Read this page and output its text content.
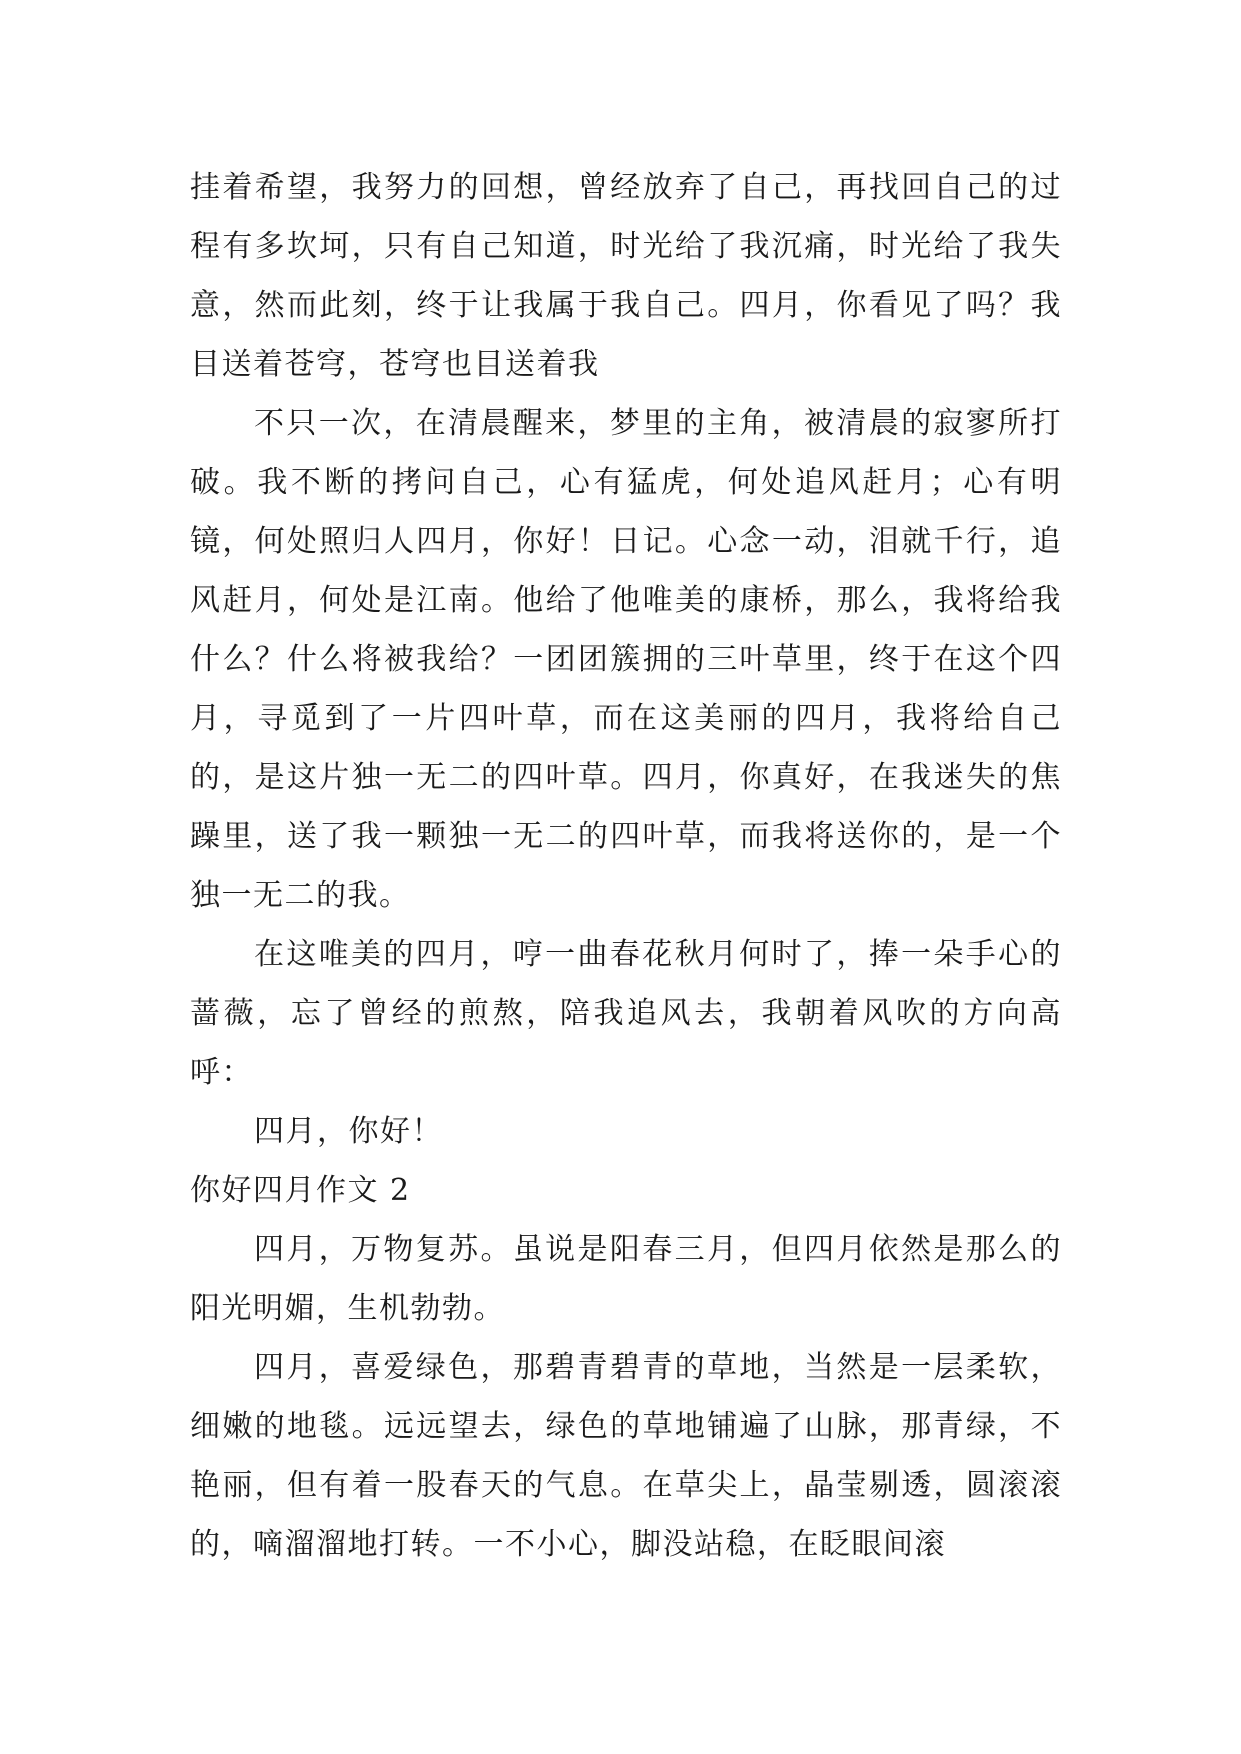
挂着希望，我努力的回想，曾经放弃了自己，再找回自己的过程有多坎坷，只有自己知道，时光给了我沉痛，时光给了我失意，然而此刻，终于让我属于我自己。四月，你看见了吗？我目送着苍穹，苍穹也目送着我

不只一次，在清晨醒来，梦里的主角，被清晨的寂寥所打破。我不断的拷问自己，心有猛虎，何处追风赶月；心有明镜，何处照归人四月，你好！日记。心念一动，泪就千行，追风赶月，何处是江南。他给了他唯美的康桥，那么，我将给我什么？什么将被我给？一团团簇拥的三叶草里，终于在这个四月，寻觅到了一片四叶草，而在这美丽的四月，我将给自己的，是这片独一无二的四叶草。四月，你真好，在我迷失的焦躁里，送了我一颗独一无二的四叶草，而我将送你的，是一个独一无二的我。

在这唯美的四月，哼一曲春花秋月何时了，捧一朵手心的蔷薇，忘了曾经的煎熬，陪我追风去，我朝着风吹的方向高呼：

四月，你好！

你好四月作文 2

四月，万物复苏。虽说是阳春三月，但四月依然是那么的阳光明媚，生机勃勃。

四月，喜爱绿色，那碧青碧青的草地，当然是一层柔软，细嫩的地毯。远远望去，绿色的草地铺遍了山脉，那青绿，不艳丽，但有着一股春天的气息。在草尖上，晶莹剔透，圆滚滚的，嘀溜溜地打转。一不小心，脚没站稳，在眨眼间滚
